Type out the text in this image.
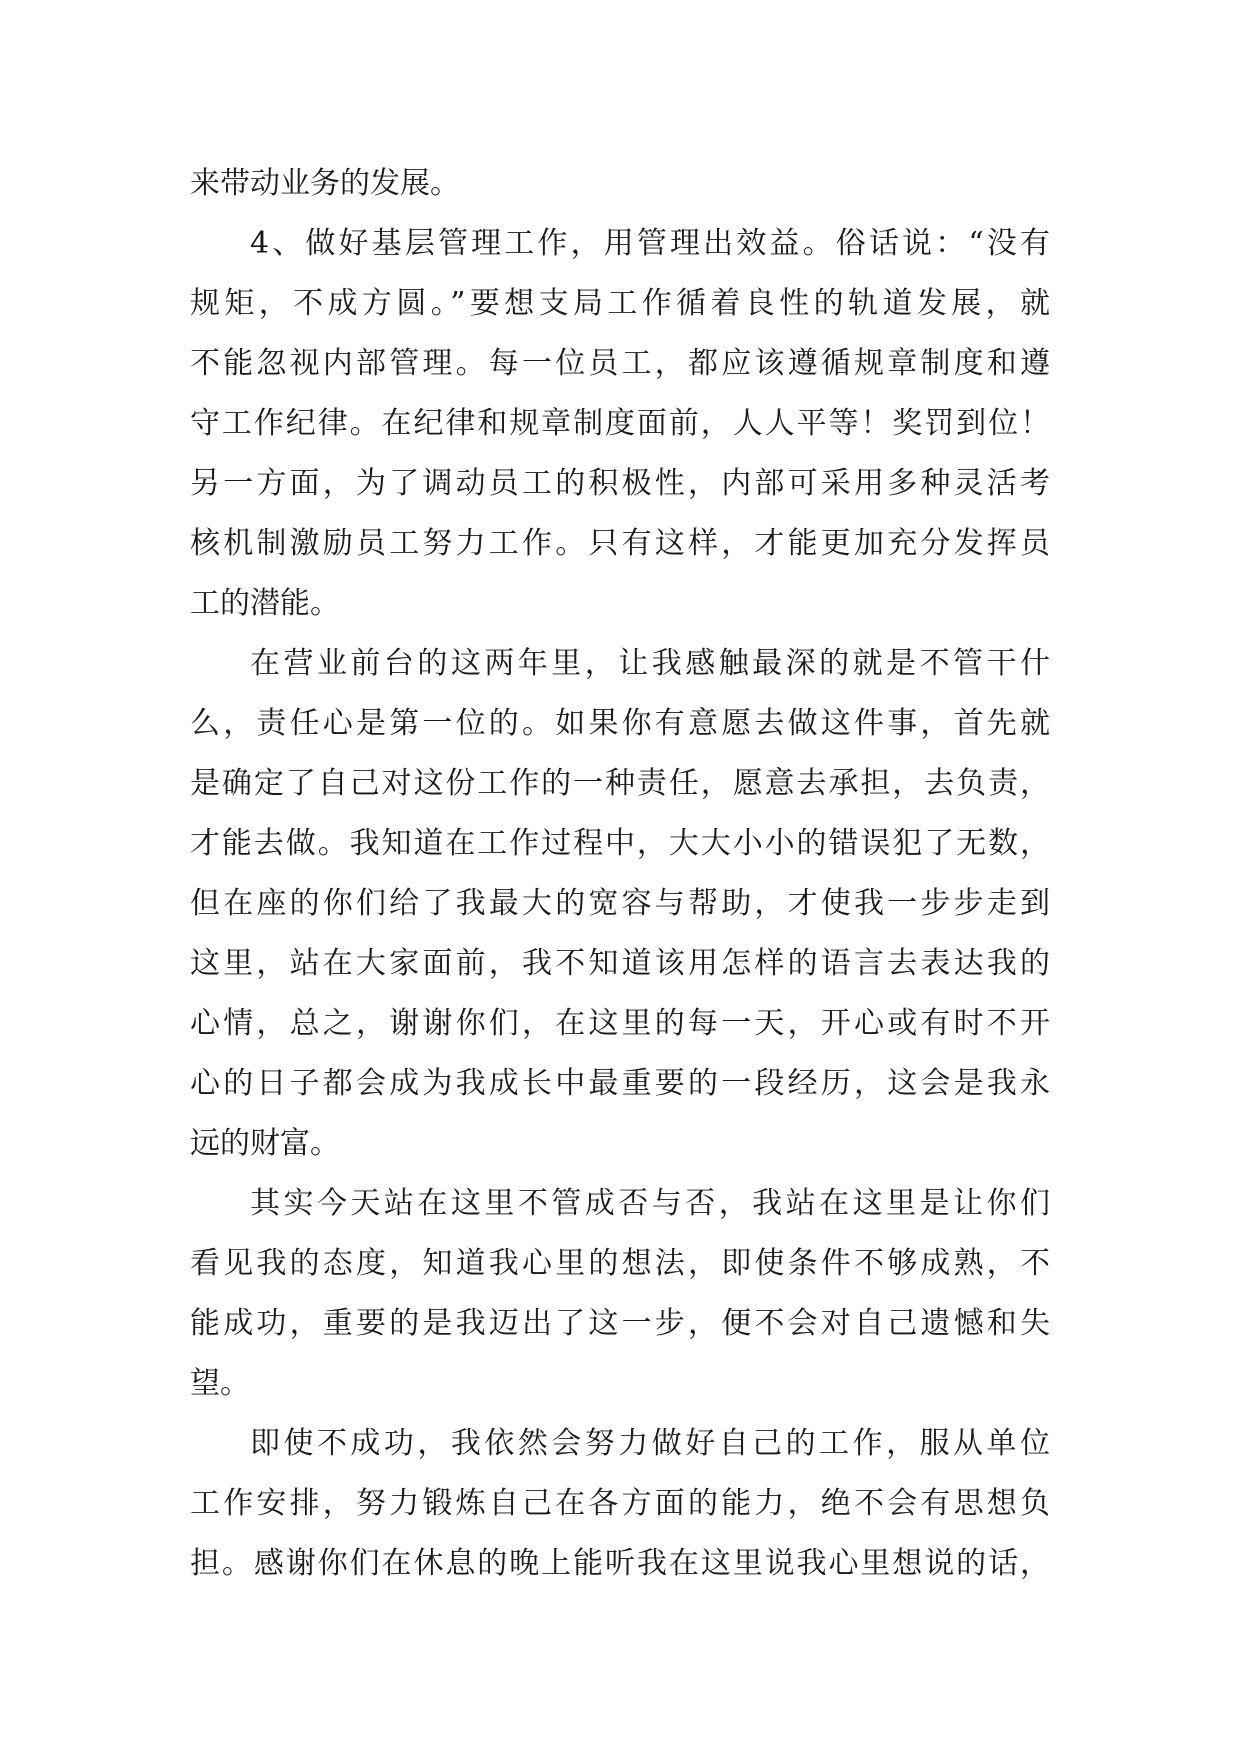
来带动业务的发展。
4、做好基层管理工作，用管理出效益。俗话说：“没有
规矩，不成方圆。”要想支局工作循着良性的轨道发展，就
不能忽视内部管理。每一位员工，都应该遵循规章制度和遵
守工作纪律。在纪律和规章制度面前，人人平等！奖罚到位！
另一方面，为了调动员工的积极性，内部可采用多种灵活考
核机制激励员工努力工作。只有这样，才能更加充分发挥员
工的潜能。
在营业前台的这两年里，让我感触最深的就是不管干什
么，责任心是第一位的。如果你有意愿去做这件事，首先就
是确定了自己对这份工作的一种责任，愿意去承担，去负责，
才能去做。我知道在工作过程中，大大小小的错误犯了无数，
但在座的你们给了我最大的宽容与帮助，才使我一步步走到
这里，站在大家面前，我不知道该用怎样的语言去表达我的
心情，总之，谢谢你们，在这里的每一天，开心或有时不开
心的日子都会成为我成长中最重要的一段经历，这会是我永
远的财富。
其实今天站在这里不管成否与否，我站在这里是让你们
看见我的态度，知道我心里的想法，即使条件不够成熟，不
能成功，重要的是我迈出了这一步，便不会对自己遗憾和失
望。
即使不成功，我依然会努力做好自己的工作，服从单位
工作安排，努力锻炼自己在各方面的能力，绝不会有思想负
担。感谢你们在休息的晚上能听我在这里说我心里想说的话，
